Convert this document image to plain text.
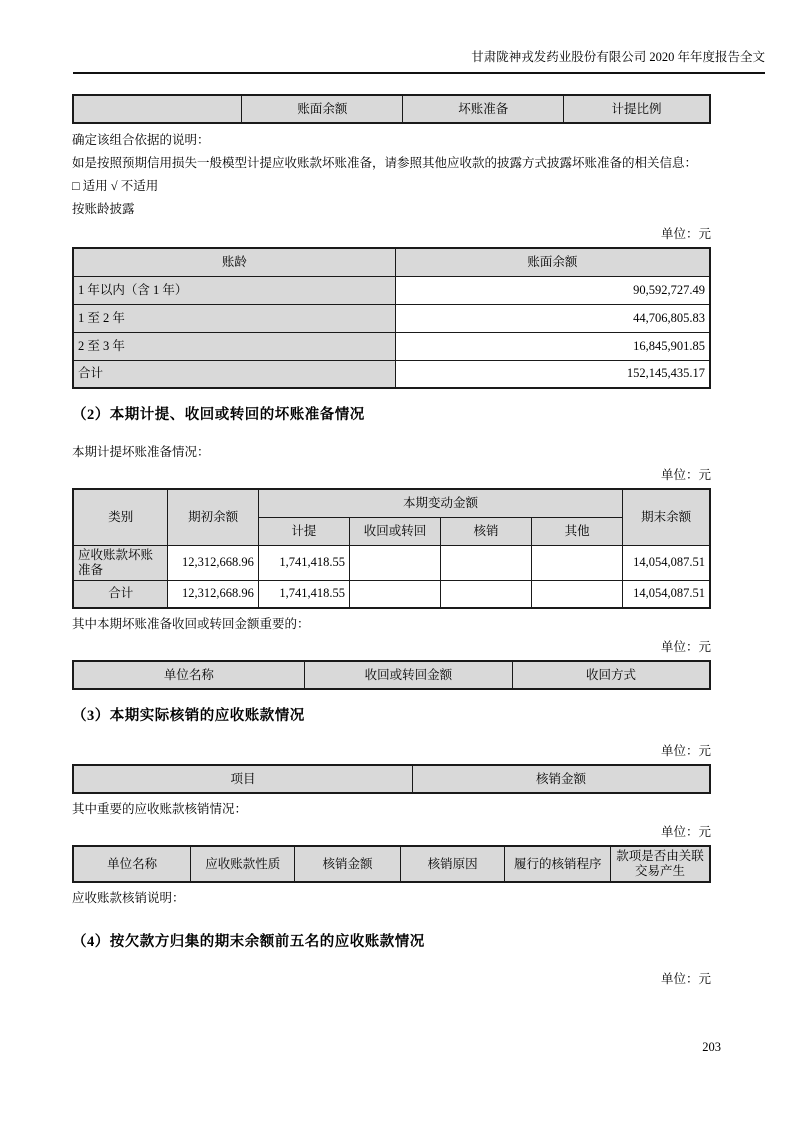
甘肃陇神戎发药业股份有限公司 2020 年年度报告全文
	账面余额	坏账准备	计提比例

确定该组合依据的说明：

如是按照预期信用损失一般模型计提应收账款坏账准备，请参照其他应收款的披露方式披露坏账准备的相关信息：

□ 适用 √ 不适用

按账龄披露

单位：元

账龄	账面余额
1 年以内（含 1 年）	90,592,727.49
1 至 2 年	44,706,805.83
2 至 3 年	16,845,901.85
合计	152,145,435.17

（2）本期计提、收回或转回的坏账准备情况

本期计提坏账准备情况：

单位：元

类别	期初余额	本期变动金额				期末余额
		计提	收回或转回	核销	其他	
应收账款坏账准备	12,312,668.96	1,741,418.55				14,054,087.51
合计	12,312,668.96	1,741,418.55				14,054,087.51

其中本期坏账准备收回或转回金额重要的：

单位：元

单位名称	收回或转回金额	收回方式

（3）本期实际核销的应收账款情况

单位：元

项目	核销金额

其中重要的应收账款核销情况：

单位：元

单位名称	应收账款性质	核销金额	核销原因	履行的核销程序	款项是否由关联交易产生

应收账款核销说明：

（4）按欠款方归集的期末余额前五名的应收账款情况

单位：元

203
